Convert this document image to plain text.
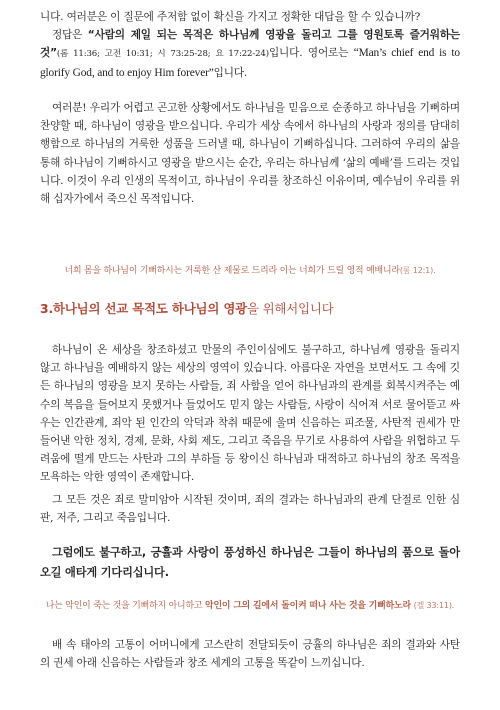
니다. 여러분은 이 질문에 주저함 없이 확신을 가지고 정확한 대답을 할 수 있습니까?

정답은 “사람의 제일 되는 목적은 하나님께 영광을 돌리고 그를 영원토록 즐거워하는 것”(롬 11:36; 고전 10:31; 시 73:25-28; 요 17:22-24)입니다. 영어로는 “Man’s chief end is to glorify God, and to enjoy Him forever”입니다.

여러분! 우리가 어렵고 곤고한 상황에서도 하나님을 믿음으로 순종하고 하나님을 기뻐하며 찬양할 때, 하나님이 영광을 받으십니다. 우리가 세상 속에서 하나님의 사랑과 정의를 담대히 행함으로 하나님의 거룩한 성품을 드러낼 때, 하나님이 기뻐하십니다. 그러하여 우리의 삶을 통해 하나님이 기뻐하시고 영광을 받으시는 순간, 우리는 하나님께 ‘삶의 예배’를 드리는 것입니다. 이것이 우리 인생의 목적이고, 하나님이 우리를 창조하신 이유이며, 예수님이 우리를 위해 십자가에서 죽으신 목적입니다.

너희 몸을 하나님이 기뻐하시는 거룩한 산 제물로 드리라 이는 너희가 드릴 영적 예배니라(롬 12:1).

3.하나님의 선교 목적도 하나님의 영광을 위해서입니다

하나님이 온 세상을 창조하셨고 만물의 주인이심에도 불구하고, 하나님께 영광을 돌리지 않고 하나님을 예배하지 않는 세상의 영역이 있습니다. 아름다운 자연을 보면서도 그 속에 깃든 하나님의 영광을 보지 못하는 사람들, 죄 사함을 얻어 하나님과의 관계를 회복시켜주는 예수의 복음을 들어보지 못했거나 들었어도 믿지 않는 사람들, 사랑이 식어져 서로 물어뜯고 싸우는 인간관계, 죄악 된 인간의 악덕과 착취 때문에 울며 신음하는 피조물, 사탄적 권세가 만들어낸 악한 정치, 경제, 문화, 사회 제도, 그리고 죽음을 무기로 사용하여 사람을 위협하고 두려움에 떨게 만드는 사탄과 그의 부하들 등 왕이신 하나님과 대적하고 하나님의 창조 목적을 모욕하는 악한 영역이 존재합니다.

그 모든 것은 죄로 말미암아 시작된 것이며, 죄의 결과는 하나님과의 관계 단절로 인한 심판, 저주, 그리고 죽음입니다.

그럼에도 불구하고, 긍휼과 사랑이 풍성하신 하나님은 그들이 하나님의 품으로 돌아오길 애타게 기다리십니다.

나는 악인이 죽는 것을 기뻐하지 아니하고 악인이 그의 길에서 돌이켜 떠나 사는 것을 기뻐하노라 (겔 33:11).

배 속 태아의 고통이 어머니에게 고스란히 전달되듯이 긍휼의 하나님은 죄의 결과와 사탄의 권세 아래 신음하는 사람들과 창조 세계의 고통을 똑같이 느끼십니다.
